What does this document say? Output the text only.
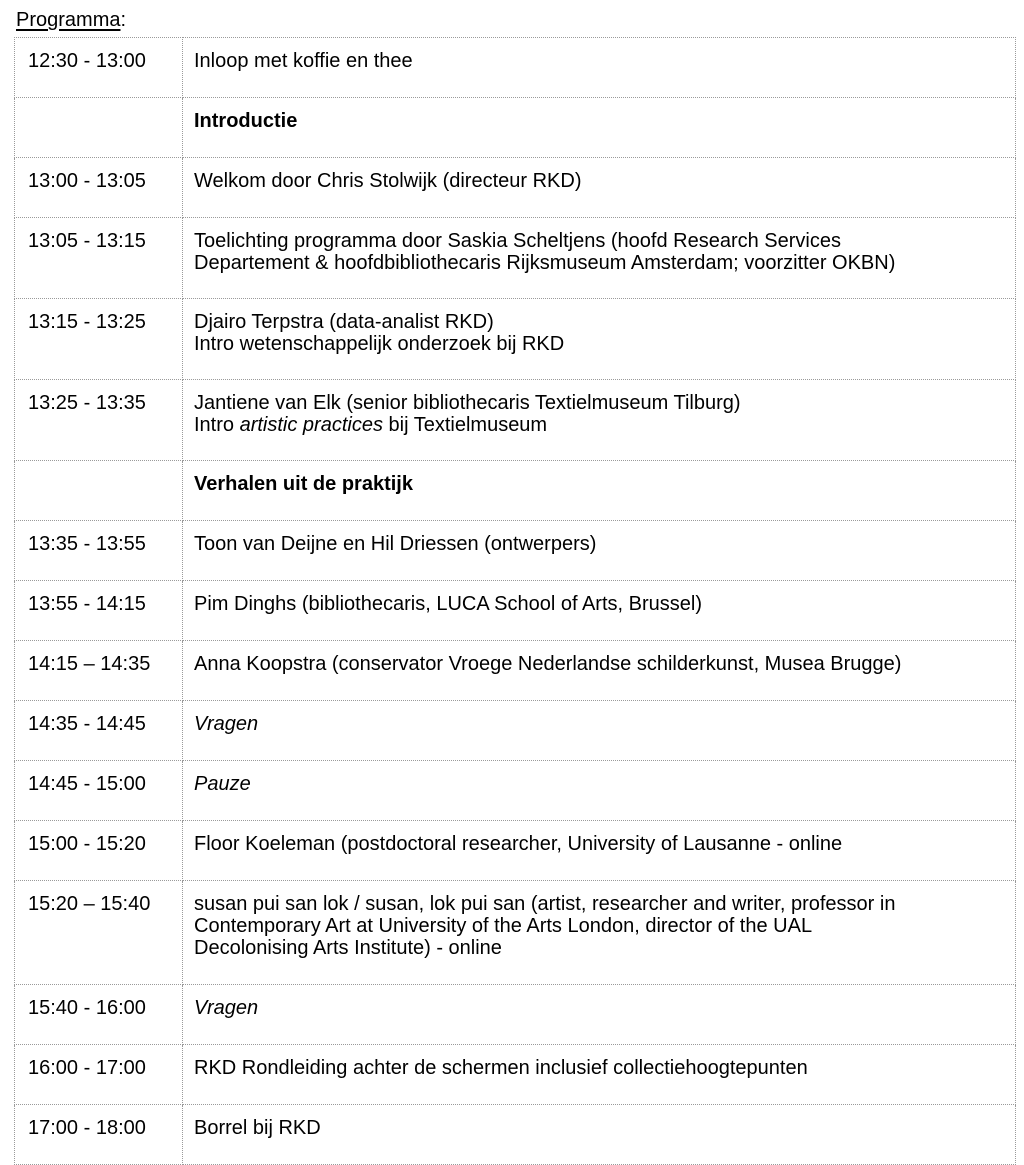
Programma:
12:30 - 13:00	Inloop met koffie en thee
	Introductie
13:00 - 13:05	Welkom door Chris Stolwijk (directeur RKD)
13:05 - 13:15	Toelichting programma door Saskia Scheltjens (hoofd Research Services
Departement & hoofdbibliothecaris Rijksmuseum Amsterdam; voorzitter OKBN)

13:15 - 13:25	Djairo Terpstra (data-analist RKD)
Intro wetenschappelijk onderzoek bij RKD

13:25 - 13:35	Jantiene van Elk (senior bibliothecaris Textielmuseum Tilburg)
Intro artistic practices bij Textielmuseum

	Verhalen uit de praktijk
13:35 - 13:55	Toon van Deijne en Hil Driessen (ontwerpers)
13:55 - 14:15	Pim Dinghs (bibliothecaris, LUCA School of Arts, Brussel)
14:15 – 14:35	Anna Koopstra (conservator Vroege Nederlandse schilderkunst, Musea Brugge)
14:35 - 14:45	Vragen
14:45 - 15:00	Pauze
15:00 - 15:20	Floor Koeleman (postdoctoral researcher, University of Lausanne - online
15:20 – 15:40	susan pui san lok / susan, lok pui san (artist, researcher and writer, professor in
Contemporary Art at University of the Arts London, director of the UAL
Decolonising Arts Institute) - online

15:40 - 16:00	Vragen
16:00 - 17:00	RKD Rondleiding achter de schermen inclusief collectiehoogtepunten
17:00 - 18:00	Borrel bij RKD
